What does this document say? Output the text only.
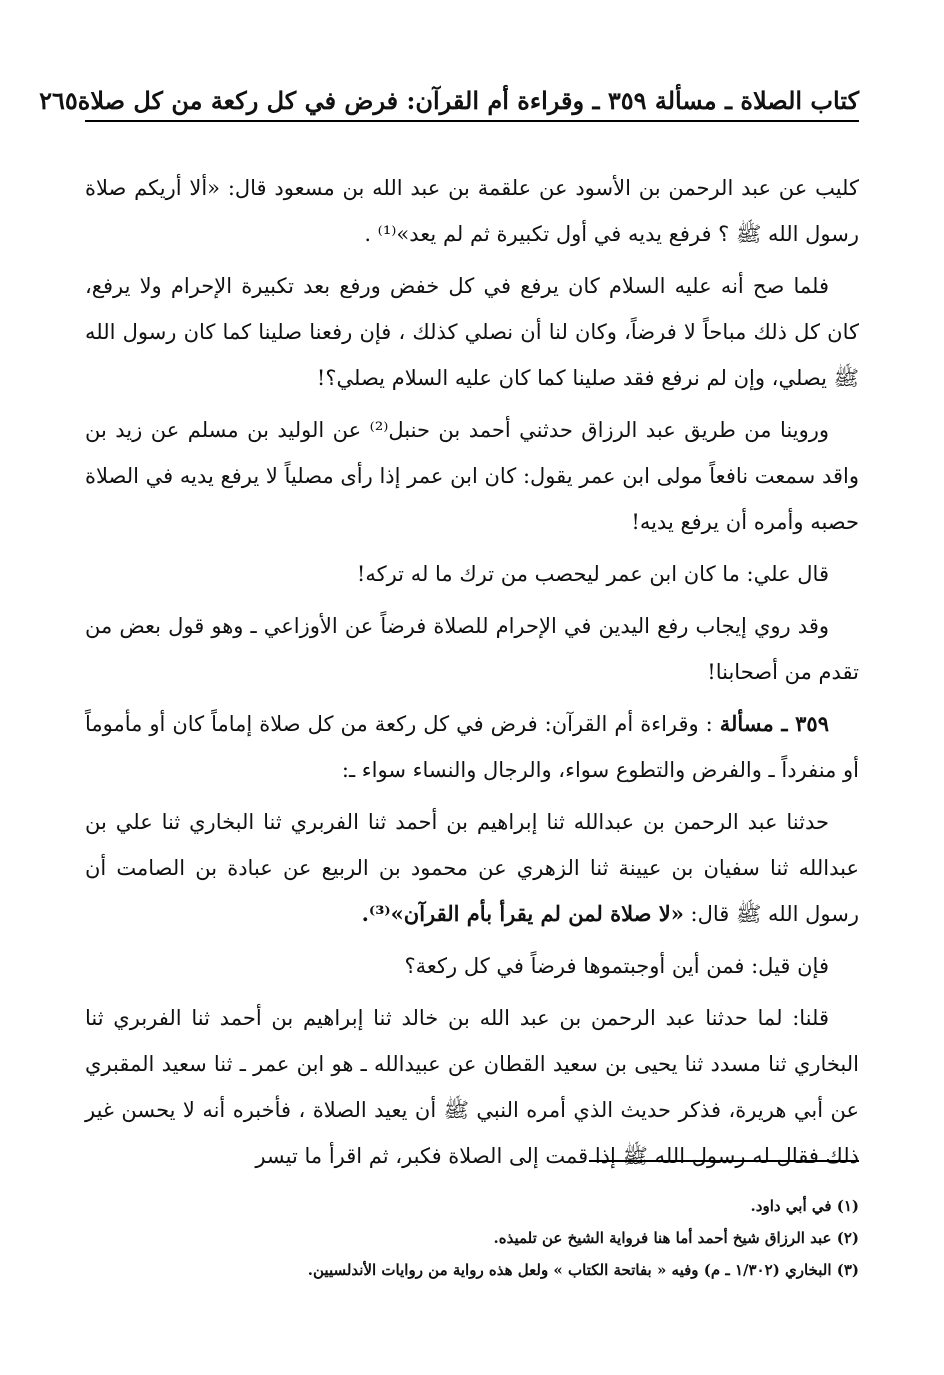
كتاب الصلاة ـ مسألة ٣٥٩ ـ وقراءة أم القرآن: فرض في كل ركعة من كل صلاة
٢٦٥

كليب عن عبد الرحمن بن الأسود عن علقمة بن عبد الله بن مسعود قال: «ألا أريكم صلاة رسول الله ﷺ ؟ فرفع يديه في أول تكبيرة ثم لم يعد»⁽¹⁾ .

فلما صح أنه عليه السلام كان يرفع في كل خفض ورفع بعد تكبيرة الإحرام ولا يرفع، كان كل ذلك مباحاً لا فرضاً، وكان لنا أن نصلي كذلك ، فإن رفعنا صلينا كما كان رسول الله ﷺ يصلي، وإن لم نرفع فقد صلينا كما كان عليه السلام يصلي؟!

وروينا من طريق عبد الرزاق حدثني أحمد بن حنبل⁽²⁾ عن الوليد بن مسلم عن زيد بن واقد سمعت نافعاً مولى ابن عمر يقول: كان ابن عمر إذا رأى مصلياً لا يرفع يديه في الصلاة حصبه وأمره أن يرفع يديه!

قال علي: ما كان ابن عمر ليحصب من ترك ما له تركه!

وقد روي إيجاب رفع اليدين في الإحرام للصلاة فرضاً عن الأوزاعي ـ وهو قول بعض من تقدم من أصحابنا!

٣٥٩ ـ مسألة : وقراءة أم القرآن: فرض في كل ركعة من كل صلاة إماماً كان أو مأموماً أو منفرداً ـ والفرض والتطوع سواء، والرجال والنساء سواء ـ:

حدثنا عبد الرحمن بن عبدالله ثنا إبراهيم بن أحمد ثنا الفربري ثنا البخاري ثنا علي بن عبدالله ثنا سفيان بن عيينة ثنا الزهري عن محمود بن الربيع عن عبادة بن الصامت أن رسول الله ﷺ قال: «لا صلاة لمن لم يقرأ بأم القرآن»⁽³⁾.

فإن قيل: فمن أين أوجبتموها فرضاً في كل ركعة؟

قلنا: لما حدثنا عبد الرحمن بن عبد الله بن خالد ثنا إبراهيم بن أحمد ثنا الفربري ثنا البخاري ثنا مسدد ثنا يحيى بن سعيد القطان عن عبيدالله ـ هو ابن عمر ـ ثنا سعيد المقبري عن أبي هريرة، فذكر حديث الذي أمره النبي ﷺ أن يعيد الصلاة ، فأخبره أنه لا يحسن غير ذلك فقال له رسول الله ﷺ إذا قمت إلى الصلاة فكبر، ثم اقرأ ما تيسر

(١) في أبي داود.
(٢) عبد الرزاق شيخ أحمد أما هنا فرواية الشيخ عن تلميذه.
(٣) البخاري (١/٣٠٢ ـ م) وفيه « بفاتحة الكتاب » ولعل هذه رواية من روايات الأندلسيين.
